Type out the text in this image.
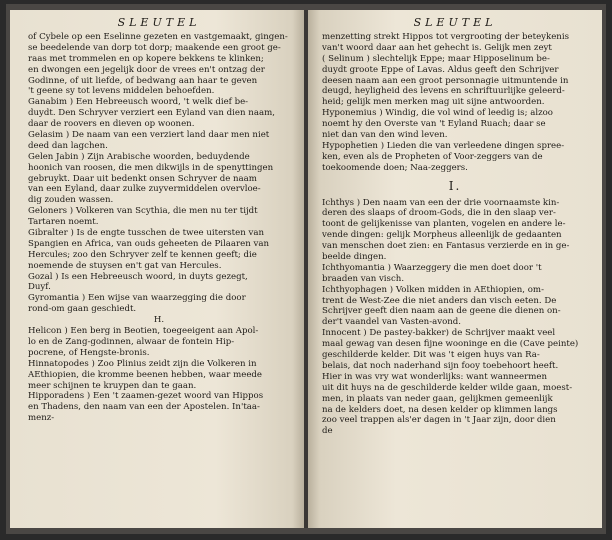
SLEUTEL
of Cybele op een Eselinne gezeten en vastgemaakt, gingen-
se beedelende van dorp tot dorp; maakende een groot ge-
raas met trommelen en op kopere bekkens te klinken;
en dwongen een jegelijk door de vrees en't ontzag der
Godinne, of uit liefde, of bedwang aan haar te geven
't geene sy tot levens middelen behoefden.
Ganabim ) Een Hebreeusch woord, 't welk dief be-
duydt. Den Schryver verziert een Eyland van dien naam,
daar de roovers en dieven op woonen.
Gelasim ) De naam van een verziert land daar men niet
deed dan lagchen.
Gelen Jabin ) Zijn Arabische woorden, beduydende
hoonich van roosen, die men dikwijls in de spenyttingen
gebruykt. Daar uit bedenkt onsen Schryver de naam
van een Eyland, daar zulke zuyvermiddelen overvloe-
dig zouden wassen.
Geloners ) Volkeren van Scythia, die men nu ter tijdt
Tartaren noemt.
Gibralter ) Is de engte tusschen de twee uitersten van
Spangien en Africa, van ouds geheeten de Pilaaren van
Hercules; zoo den Schryver zelf te kennen geeft; die
noemende de stuysen en't gat van Hercules.
Gozal ) Is een Hebreeusch woord, in duyts gezegt,
Duyf.
Gyromantia ) Een wijse van waarzegging die door
rond-om gaan geschiedt.
H.
Helicon ) Een berg in Beotien, toegeeigent aan Apol-
lo en de Zang-godinnen, alwaar de fontein Hip-
pocrene, of Hengste-bronis.
Hinnatopodes ) Zoo Plinius zeidt zijn die Volkeren in
AEthiopien, die kromme beenen hebben, waar meede
meer schijnen te kruypen dan te gaan.
Hipporadens ) Een 't zaamen-gezet woord van Hippos
en Thadens, den naam van een der Apostelen. In'taa-
menz-
SLEUTEL
menzetting strekt Hippos tot vergrooting der beteykenis
van't woord daar aan het gehecht is. Gelijk men zeyt
( Selinum ) slechtelijk Eppe; maar Hipposelinum be-
duydt groote Eppe of Lavas. Aldus geeft den Schrijver
deesen naam aan een groot personnagie uitmuntende in
deugd, heyligheid des levens en schriftuurlijke geleerd-
heid; gelijk men merken mag uit sijne antwoorden.
Hyponemius ) Windig, die vol wind of leedig is; alzoo
noemt hy den Overste van 't Eyland Ruach; daar se
niet dan van den wind leven.
Hypophetien ) Lieden die van verleedene dingen spree-
ken, even als de Propheten of Voor-zeggers van de
toekoomende doen; Naa-zeggers.
I.
Ichthys ) Den naam van een der drie voornaamste kin-
deren des slaaps of droom-Gods, die in den slaap ver-
toont de gelijkenisse van planten, vogelen en andere le-
vende dingen: gelijk Morpheus alleenlijk de gedaanten
van menschen doet zien: en Fantasus verzierde en in ge-
beelde dingen.
Ichthyomantia ) Waarzeggery die men doet door 't
braaden van visch.
Ichthyophagen ) Volken midden in AEthiopien, om-
trent de West-Zee die niet anders dan visch eeten. De
Schrijver geeft dien naam aan de geene die dienen on-
der't vaandel van Vasten-avond.
Innocent ) De pastey-bakker) de Schrijver maakt veel
maal gewag van desen fijne wooninge en die (Cave peinte)
geschilderde kelder. Dit was 't eigen huys van Ra-
belais, dat noch naderhand sijn fooy toebehoort heeft.
Hier in was vry wat wonderlijks: want wanneermen
uit dit huys na de geschilderde kelder wilde gaan, moest-
men, in plaats van neder gaan, gelijkmen gemeenlijk
na de kelders doet, na desen kelder op klimmen langs
zoo veel trappen als'er dagen in 't Jaar zijn, door dien
de
